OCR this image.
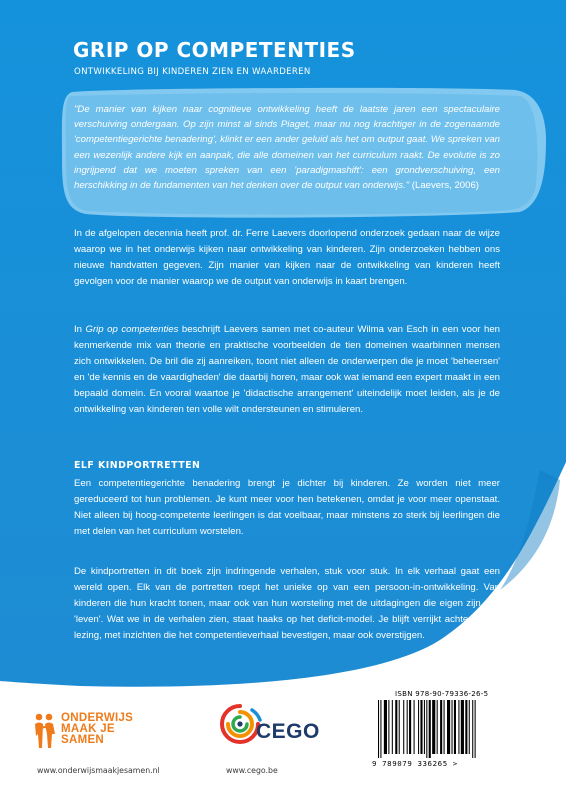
GRIP OP COMPETENTIES

ONTWIKKELING BIJ KINDEREN ZIEN EN WAARDEREN

"De manier van kijken naar cognitieve ontwikkeling heeft de laatste jaren een spectaculaire verschuiving ondergaan. Op zijn minst al sinds Piaget, maar nu nog krachtiger in de zogenaamde 'competentiegerichte benadering', klinkt er een ander geluid als het om output gaat. We spreken van een wezenlijk andere kijk en aanpak, die alle domeinen van het curriculum raakt. De evolutie is zo ingrijpend dat we moeten spreken van een 'paradigmashift': een grondverschuiving, een herschikking in de fundamenten van het denken over de output van onderwijs." (Laevers, 2006)

In de afgelopen decennia heeft prof. dr. Ferre Laevers doorlopend onderzoek gedaan naar de wijze waarop we in het onderwijs kijken naar ontwikkeling van kinderen. Zijn onderzoeken hebben ons nieuwe handvatten gegeven. Zijn manier van kijken naar de ontwikkeling van kinderen heeft gevolgen voor de manier waarop we de output van onderwijs in kaart brengen.

In Grip op competenties beschrijft Laevers samen met co-auteur Wilma van Esch in een voor hen kenmerkende mix van theorie en praktische voorbeelden de tien domeinen waarbinnen mensen zich ontwikkelen. De bril die zij aanreiken, toont niet alleen de onderwerpen die je moet 'beheersen' en 'de kennis en de vaardigheden' die daarbij horen, maar ook wat iemand een expert maakt in een bepaald domein. En vooral waartoe je 'didactische arrangement' uiteindelijk moet leiden, als je de ontwikkeling van kinderen ten volle wilt ondersteunen en stimuleren.

ELF KINDPORTRETTEN

Een competentiegerichte benadering brengt je dichter bij kinderen. Ze worden niet meer gereduceerd tot hun problemen. Je kunt meer voor hen betekenen, omdat je voor meer openstaat. Niet alleen bij hoog-competente leerlingen is dat voelbaar, maar minstens zo sterk bij leerlingen die met delen van het curriculum worstelen.

De kindportretten in dit boek zijn indringende verhalen, stuk voor stuk. In elk verhaal gaat een wereld open. Elk van de portretten roept het unieke op van een persoon-in-ontwikkeling. Van kinderen die hun kracht tonen, maar ook van hun worsteling met de uitdagingen die eigen zijn aan 'leven'. Wat we in de verhalen zien, staat haaks op het deficit-model. Je blijft verrijkt achter na de lezing, met inzichten die het competentieverhaal bevestigen, maar ook overstijgen.

ONDERWIJS
MAAK JE
SAMEN	CEGO

www.onderwijsmaakjesamen.nl	www.cego.be

ISBN 978-90-79336-26-5

9 789079 336265 >
